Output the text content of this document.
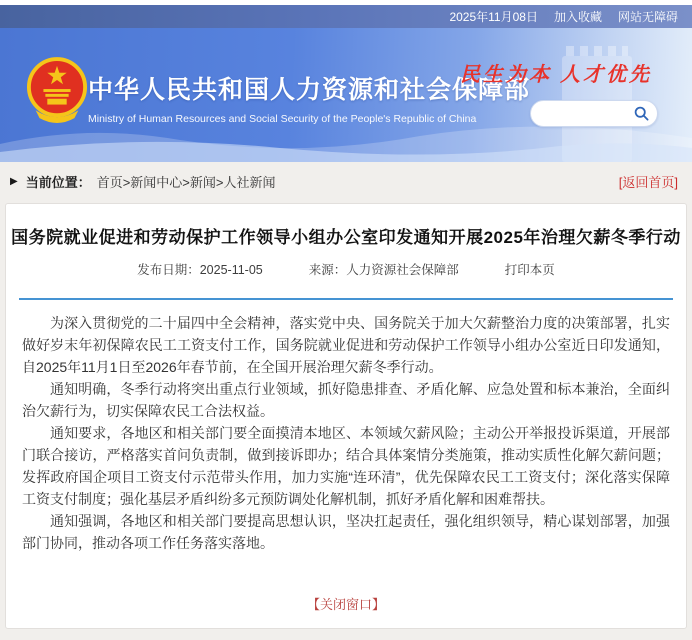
2025年11月08日 加入收藏 网站无障碍
中华人民共和国人力资源和社会保障部
Ministry of Human Resources and Social Security of the People's Republic of China
民生为本 人才优先
▶ 当前位置： 首页>新闻中心>新闻>人社新闻	[返回首页]
国务院就业促进和劳动保护工作领导小组办公室印发通知开展2025年治理欠薪冬季行动
发布日期：2025-11-05	来源：人力资源社会保障部	打印本页

为深入贯彻党的二十届四中全会精神，落实党中央、国务院关于加大欠薪整治力度的决策部署，扎实做好岁末年初保障农民工工资支付工作，国务院就业促进和劳动保护工作领导小组办公室近日印发通知，自2025年11月1日至2026年春节前，在全国开展治理欠薪冬季行动。

通知明确，冬季行动将突出重点行业领域，抓好隐患排查、矛盾化解、应急处置和标本兼治，全面纠治欠薪行为，切实保障农民工合法权益。

通知要求，各地区和相关部门要全面摸清本地区、本领域欠薪风险；主动公开举报投诉渠道，开展部门联合接访，严格落实首问负责制，做到接诉即办；结合具体案情分类施策，推动实质性化解欠薪问题；发挥政府国企项目工资支付示范带头作用，加力实施“连环清”，优先保障农民工工资支付；深化落实保障工资支付制度；强化基层矛盾纠纷多元预防调处化解机制，抓好矛盾化解和困难帮扶。

通知强调，各地区和相关部门要提高思想认识，坚决扛起责任，强化组织领导，精心谋划部署，加强部门协同，推动各项工作任务落实落地。

【关闭窗口】
